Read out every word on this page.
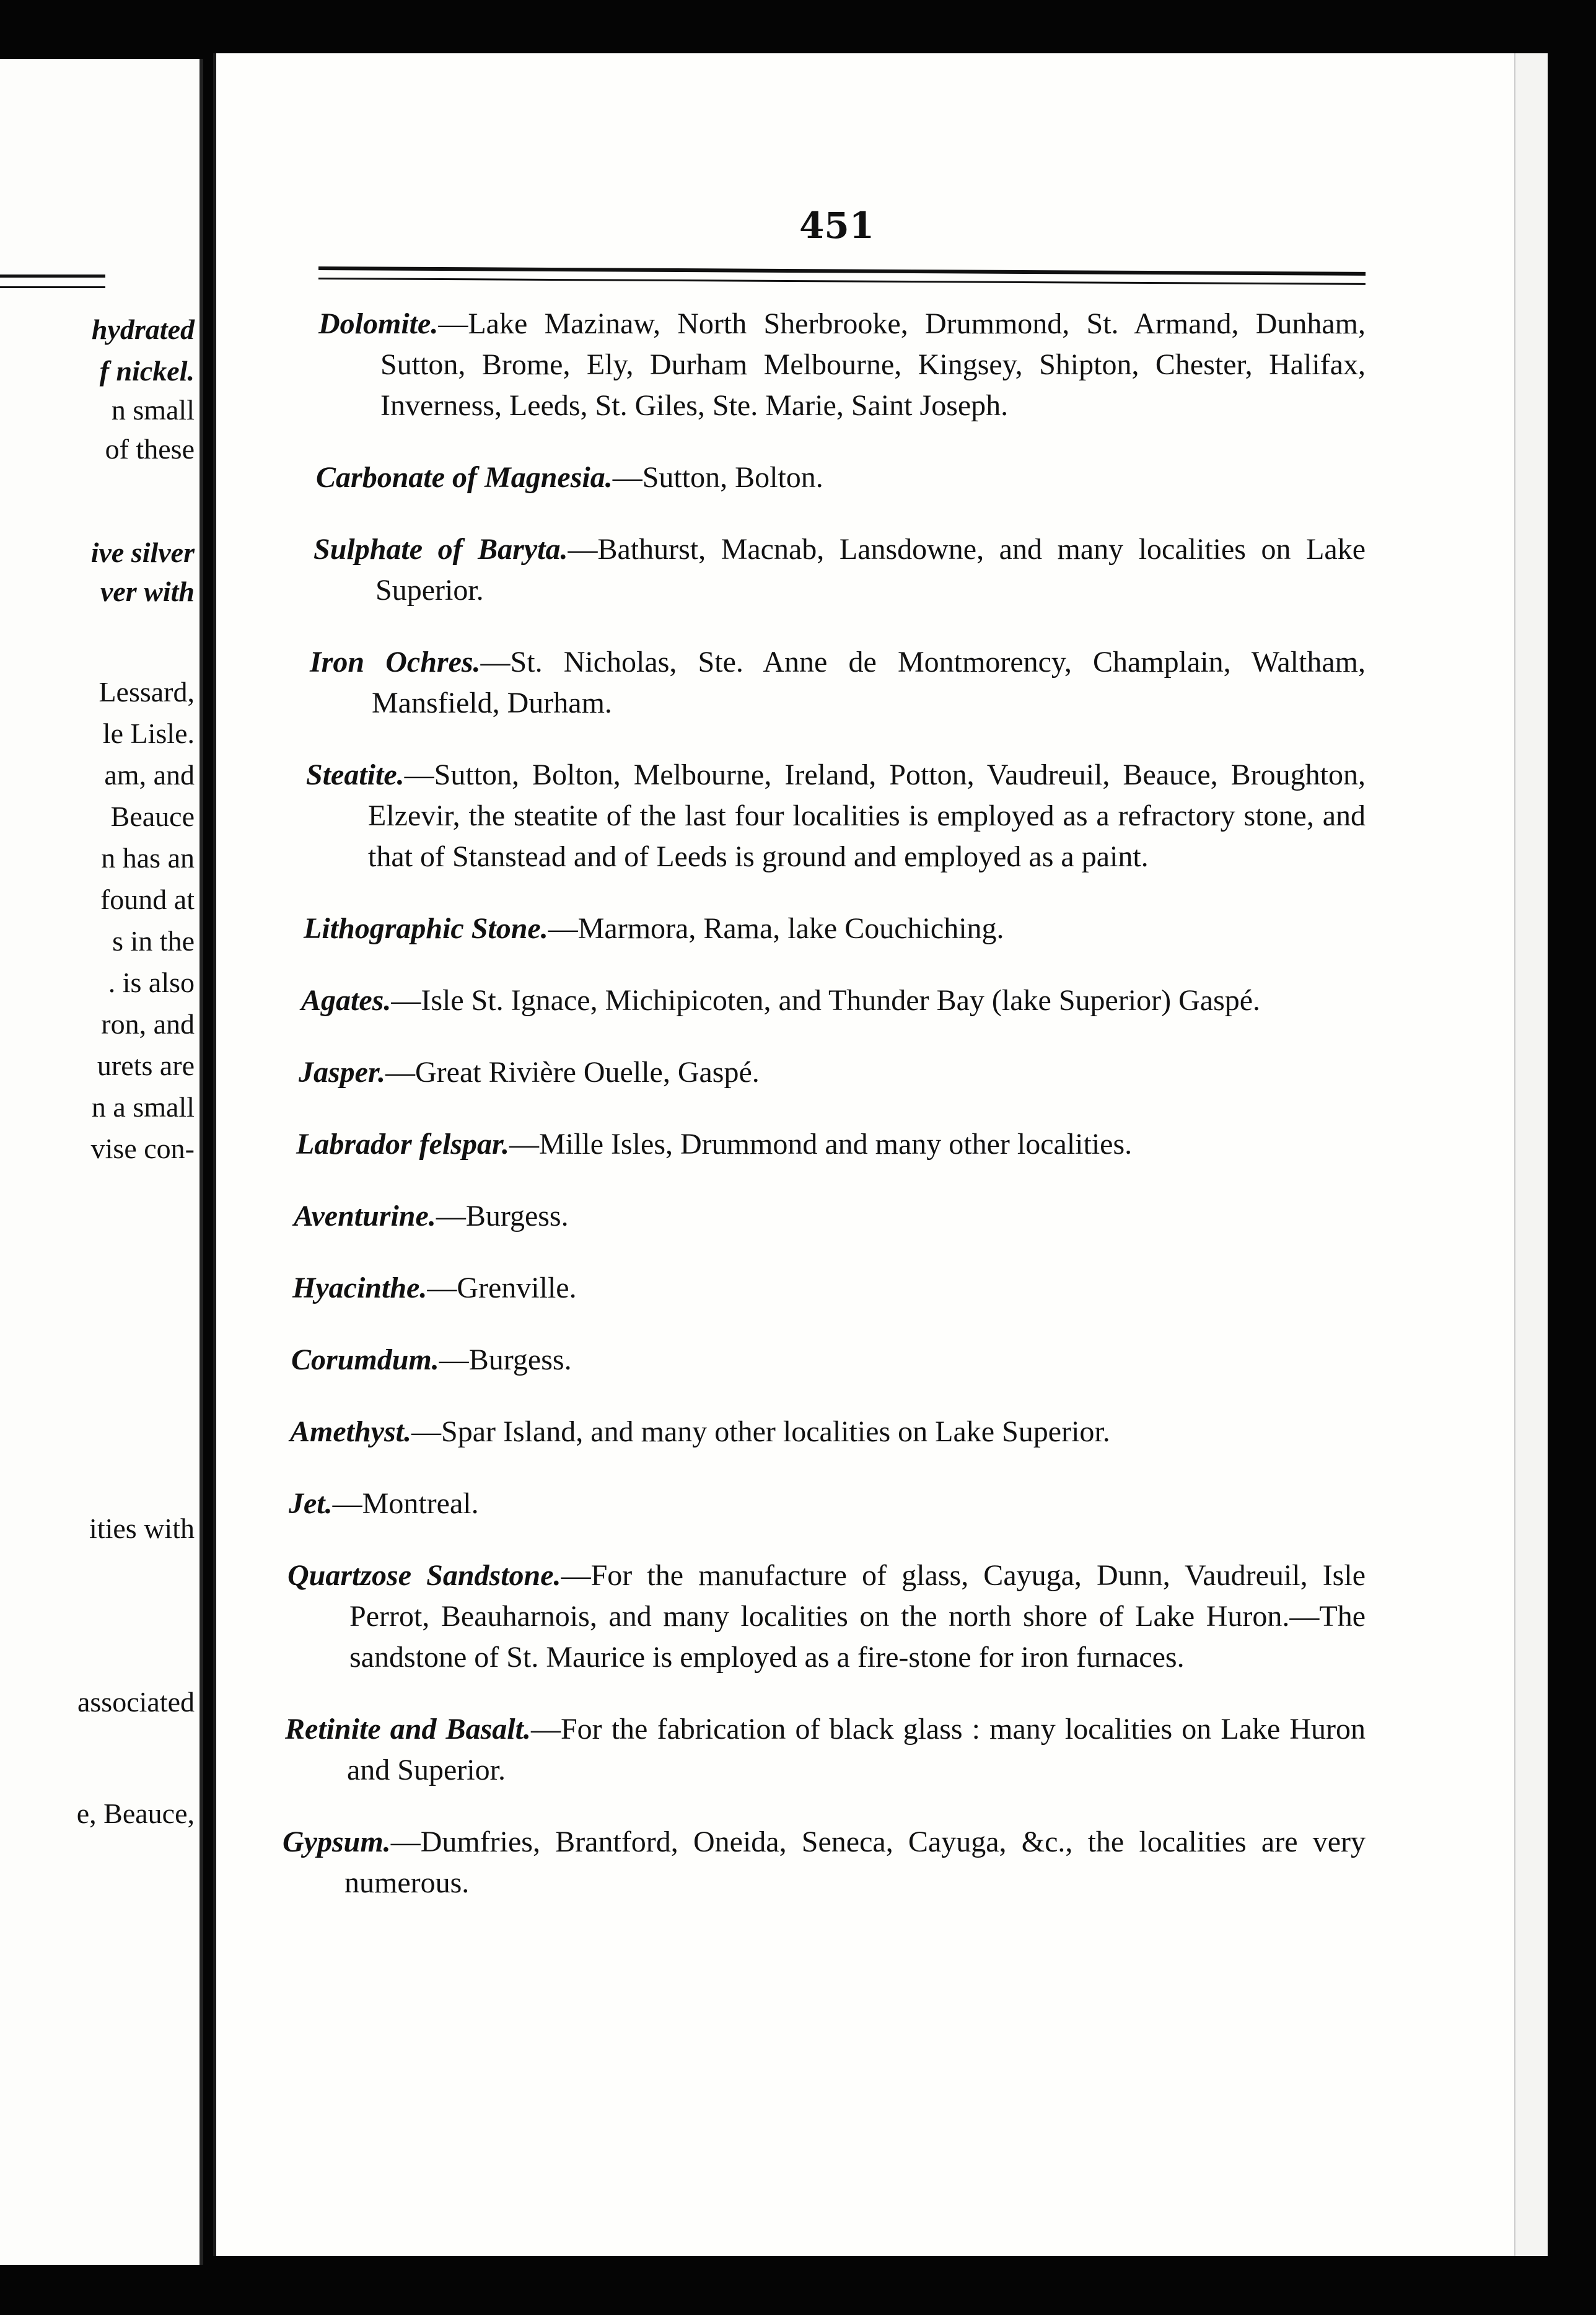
hydrated
f nickel.
n small
of these
ive silver
ver with
Lessard,
le Lisle.
am, and
Beauce
n has an
found at
s in the
. is also
ron, and
urets are
n a small
vise con-
ities with
associated
e, Beauce,
451

Dolomite.—Lake Mazinaw, North Sherbrooke, Drummond, St. Armand, Dunham, Sutton, Brome, Ely, Durham Melbourne, Kingsey, Shipton, Chester, Halifax, Inverness, Leeds, St. Giles, Ste. Marie, Saint Joseph.

Carbonate of Magnesia.—Sutton, Bolton.

Sulphate of Baryta.—Bathurst, Macnab, Lansdowne, and many localities on Lake Superior.

Iron Ochres.—St. Nicholas, Ste. Anne de Montmorency, Champlain, Waltham, Mansfield, Durham.

Steatite.—Sutton, Bolton, Melbourne, Ireland, Potton, Vaudreuil, Beauce, Broughton, Elzevir, the steatite of the last four localities is employed as a refractory stone, and that of Stanstead and of Leeds is ground and employed as a paint.

Lithographic Stone.—Marmora, Rama, lake Couchiching.

Agates.—Isle St. Ignace, Michipicoten, and Thunder Bay (lake Superior) Gaspé.

Jasper.—Great Rivière Ouelle, Gaspé.

Labrador felspar.—Mille Isles, Drummond and many other localities.

Aventurine.—Burgess.

Hyacinthe.—Grenville.

Corumdum.—Burgess.

Amethyst.—Spar Island, and many other localities on Lake Superior.

Jet.—Montreal.

Quartzose Sandstone.—For the manufacture of glass, Cayuga, Dunn, Vaudreuil, Isle Perrot, Beauharnois, and many localities on the north shore of Lake Huron.—The sandstone of St. Maurice is employed as a fire-stone for iron furnaces.

Retinite and Basalt.—For the fabrication of black glass : many localities on Lake Huron and Superior.

Gypsum.—Dumfries, Brantford, Oneida, Seneca, Cayuga, &c., the localities are very numerous.
